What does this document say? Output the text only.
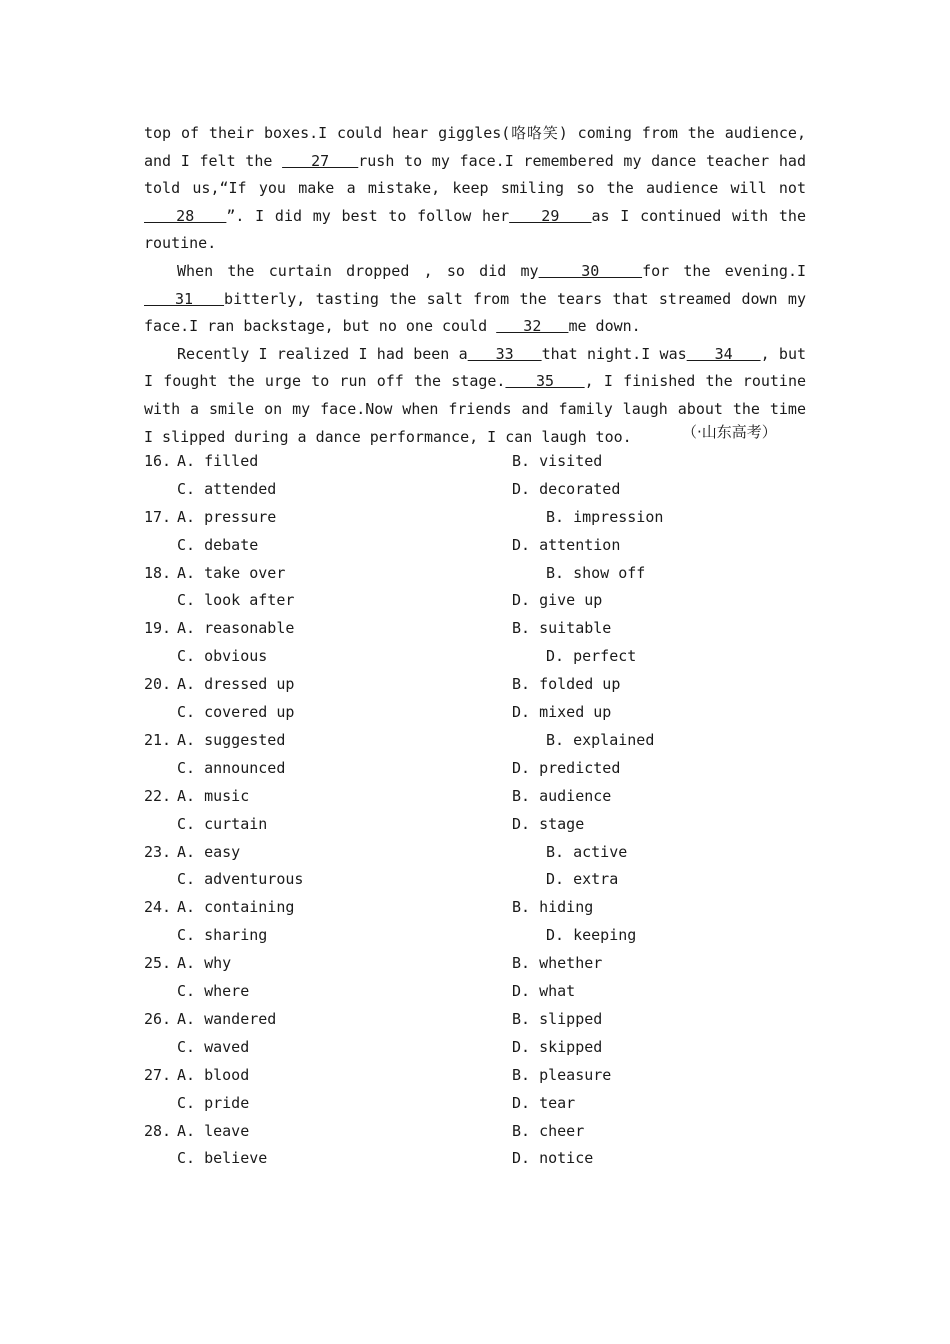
top of their boxes.I could hear giggles(咯咯笑) coming from the audience, and I felt the    27   rush to my face.I remembered my dance teacher had told us,“If you make a mistake, keep smiling so the audience will not    28   ”. I did my best to follow her   29   as I continued with the routine.

When the curtain dropped , so did my   30   for the evening.I   31   bitterly, tasting the salt from the tears that streamed down my face.I ran backstage, but no one could    32   me down.

Recently I realized I had been a   33   that night.I was   34   , but I fought the urge to run off the stage.   35   , I finished the routine with a smile on my face.Now when friends and family laugh about the time I slipped during a dance performance, I can laugh too.	（·山东高考）
16. A. filled	B. visited
C. attended	D. decorated
17. A. pressure	B. impression
C. debate	D. attention
18. A. take over	B. show off
C. look after	D. give up
19. A. reasonable	B. suitable
C. obvious	D. perfect
20. A. dressed up	B. folded up
C. covered up	D. mixed up
21. A. suggested	B. explained
C. announced	D. predicted
22. A. music	B. audience
C. curtain	D. stage
23. A. easy	B. active
C. adventurous	D. extra
24. A. containing	B. hiding
C. sharing	D. keeping
25. A. why	B. whether
C. where	D. what
26. A. wandered	B. slipped
C. waved	D. skipped
27. A. blood	B. pleasure
C. pride	D. tear
28. A. leave	B. cheer
C. believe	D. notice
